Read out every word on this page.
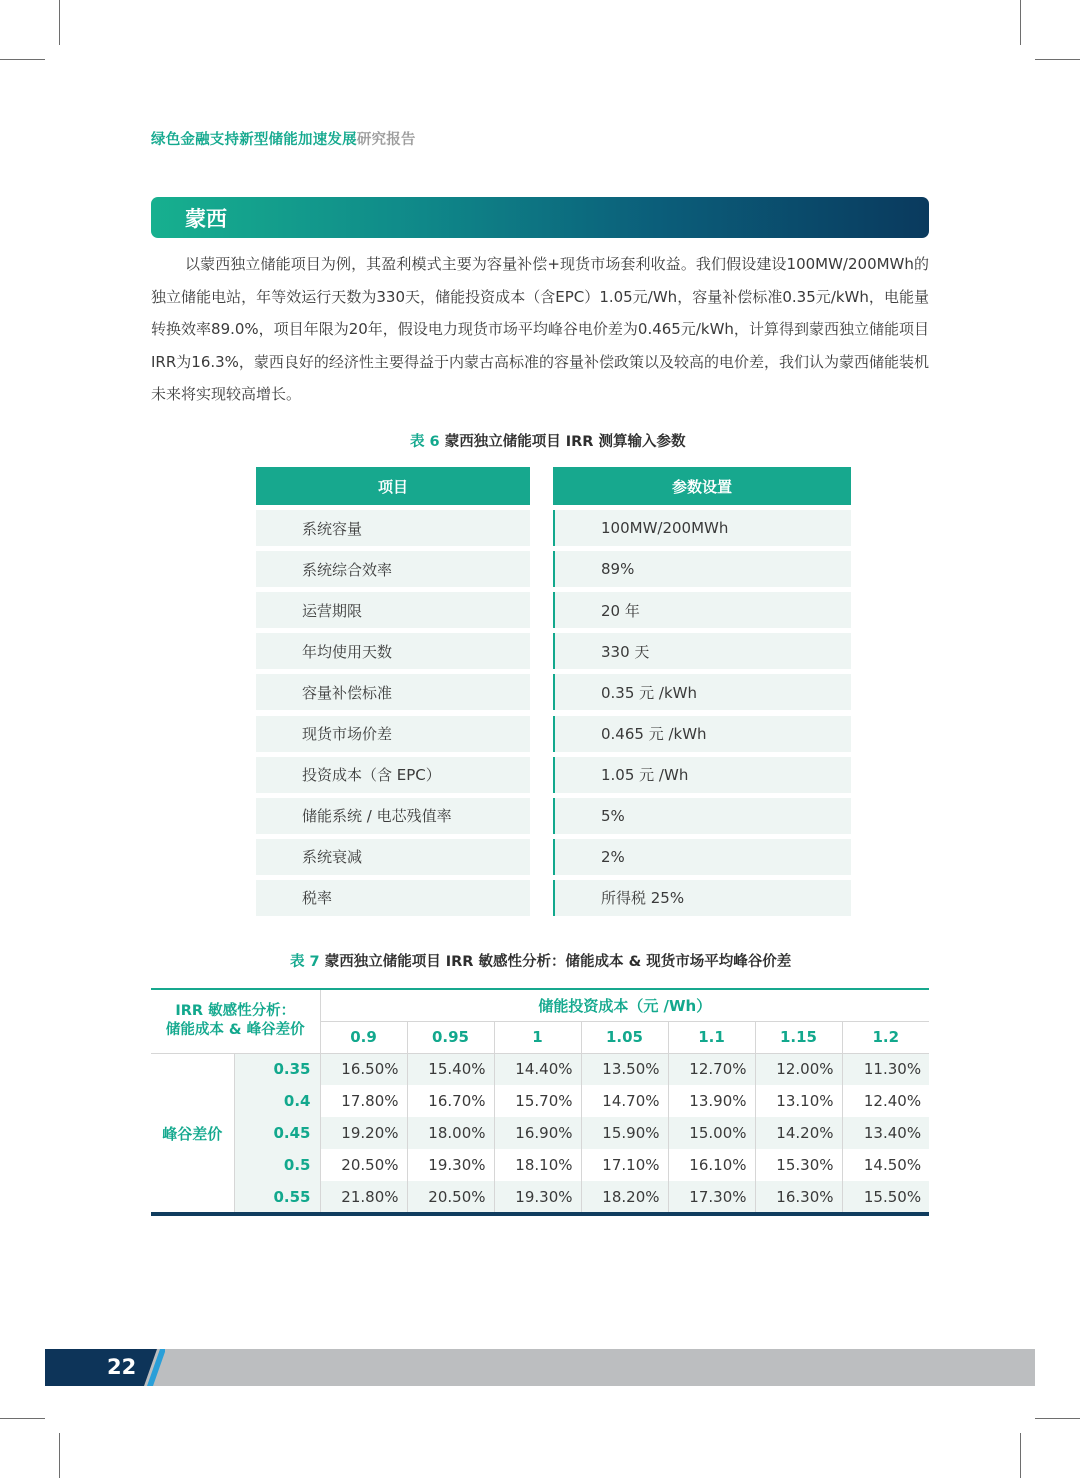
绿色金融支持新型储能加速发展研究报告
蒙西

以蒙西独立储能项目为例，其盈利模式主要为容量补偿+现货市场套利收益。我们假设建设100MW/200MWh的独立储能电站，年等效运行天数为330天，储能投资成本（含EPC）1.05元/Wh，容量补偿标准0.35元/kWh，电能量转换效率89.0%，项目年限为20年，假设电力现货市场平均峰谷电价差为0.465元/kWh，计算得到蒙西独立储能项目IRR为16.3%，蒙西良好的经济性主要得益于内蒙古高标准的容量补偿政策以及较高的电价差，我们认为蒙西储能装机未来将实现较高增长。

表 6 蒙西独立储能项目 IRR 测算输入参数
项目	参数设置
系统容量	100MW/200MWh
系统综合效率	89%
运营期限	20 年
年均使用天数	330 天
容量补偿标准	0.35 元 /kWh
现货市场价差	0.465 元 /kWh
投资成本（含 EPC）	1.05 元 /Wh
储能系统 / 电芯残值率	5%
系统衰减	2%
税率	所得税 25%
表 7 蒙西独立储能项目 IRR 敏感性分析：储能成本 & 现货市场平均峰谷价差
IRR 敏感性分析：
储能成本 & 峰谷差价		储能投资成本（元 /Wh）						
		0.9	0.95	1	1.05	1.1	1.15	1.2
峰谷差价	0.35	16.50%	15.40%	14.40%	13.50%	12.70%	12.00%	11.30%
	0.4	17.80%	16.70%	15.70%	14.70%	13.90%	13.10%	12.40%
	0.45	19.20%	18.00%	16.90%	15.90%	15.00%	14.20%	13.40%
	0.5	20.50%	19.30%	18.10%	17.10%	16.10%	15.30%	14.50%
	0.55	21.80%	20.50%	19.30%	18.20%	17.30%	16.30%	15.50%
22
